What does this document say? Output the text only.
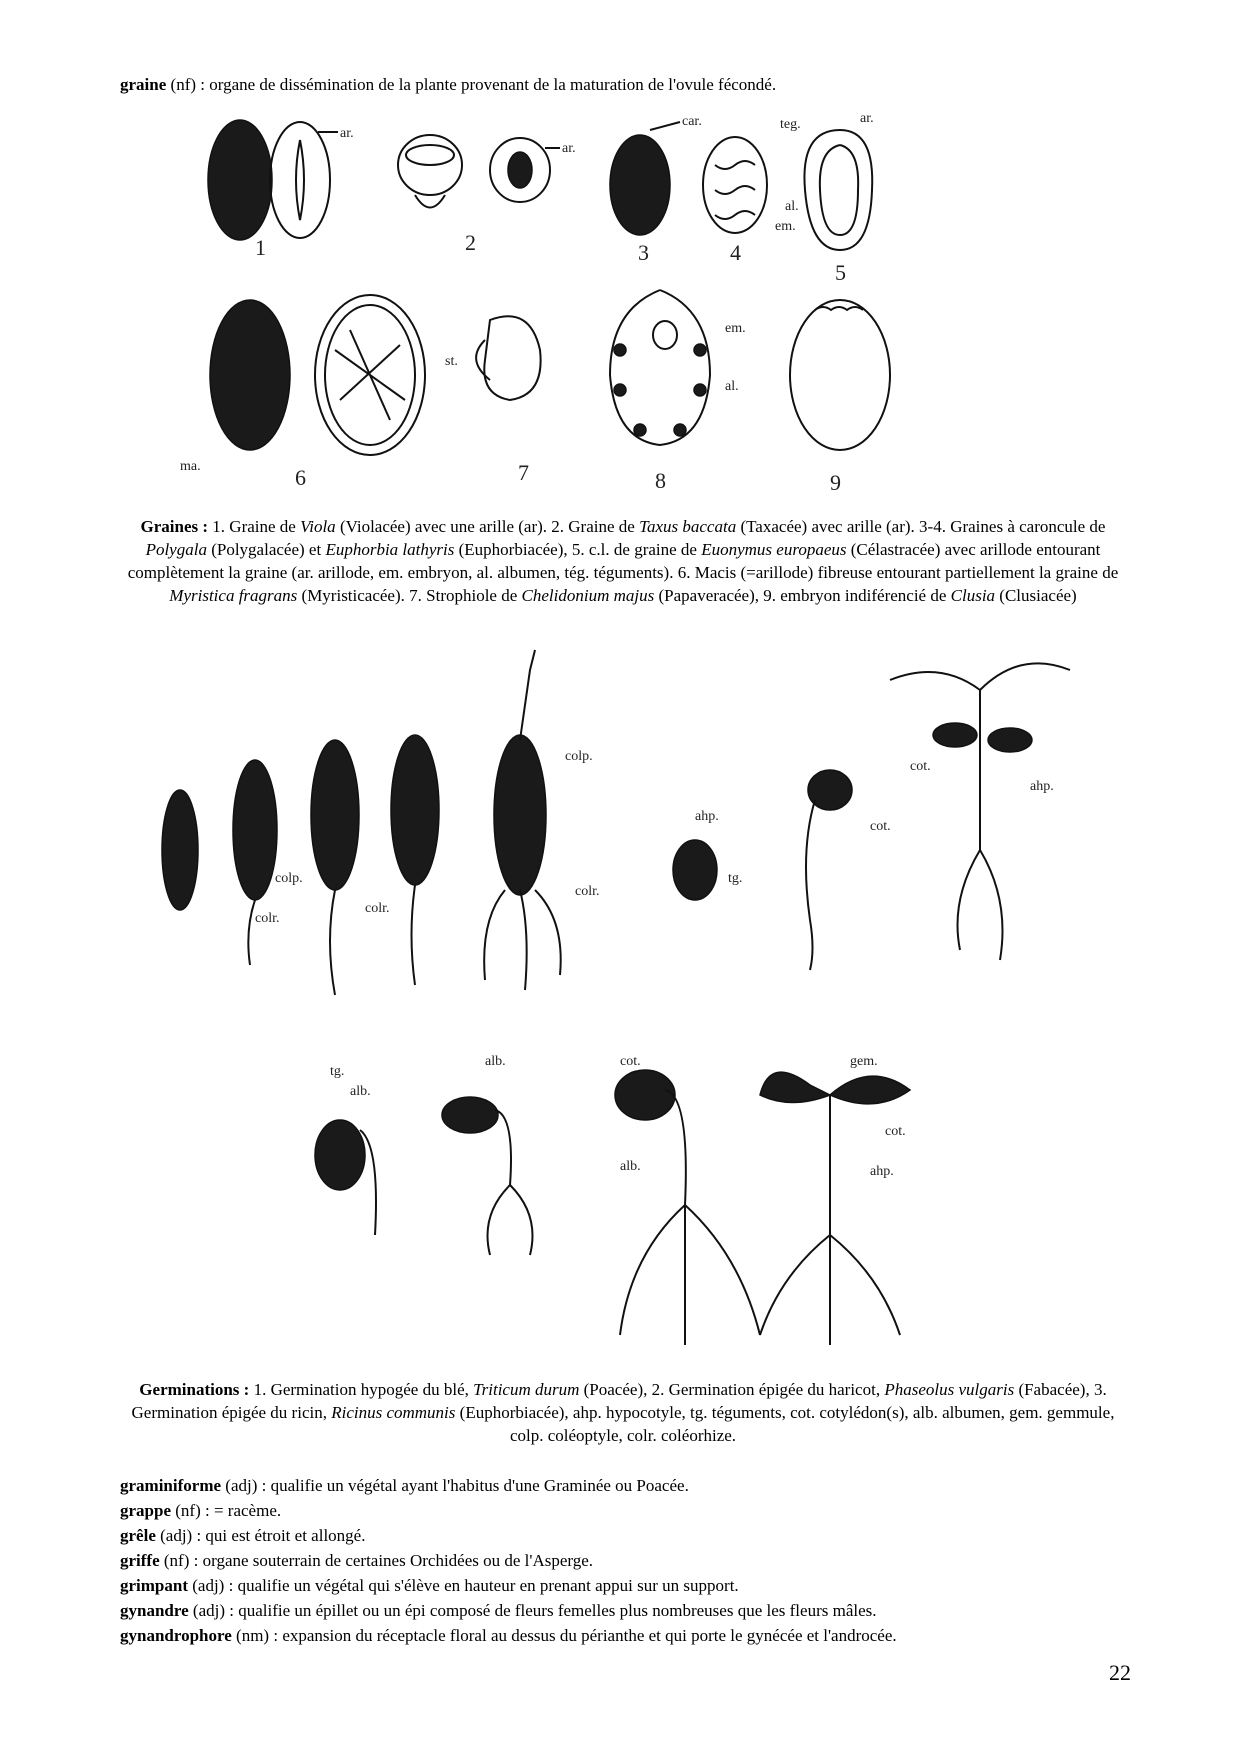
graine (nf) : organe de dissémination de la plante provenant de la maturation de l'ovule fécondé.
ar.
1
ar.
2
car.
3	4
teg.	ar.
al.
em.
5
ma.	6
st.
7
em.
al.
8	9
Graines : 1. Graine de Viola (Violacée) avec une arille (ar). 2. Graine de Taxus baccata (Taxacée) avec arille (ar). 3-4. Graines à caroncule de Polygala (Polygalacée) et Euphorbia lathyris (Euphorbiacée), 5. c.l. de graine de Euonymus europaeus (Célastracée) avec arillode entourant complètement la graine (ar. arillode, em. embryon, al. albumen, tég. téguments). 6. Macis (=arillode) fibreuse entourant partiellement la graine de Myristica fragrans (Myristicacée). 7. Strophiole de Chelidonium majus (Papaveracée), 9. embryon indiférencié de Clusia (Clusiacée)
colp.
colr.
colr.
colp.
colr.
tg.
ahp.
cot.
cot.
ahp.
tg.
alb.
alb.	cot.
alb.
gem.
cot.
ahp.
Germinations : 1. Germination hypogée du blé, Triticum durum (Poacée), 2. Germination épigée du haricot, Phaseolus vulgaris (Fabacée), 3. Germination épigée du ricin, Ricinus communis (Euphorbiacée), ahp. hypocotyle, tg. téguments, cot. cotylédon(s), alb. albumen, gem. gemmule, colp. coléoptyle, colr. coléorhize.
graminiforme (adj) : qualifie un végétal ayant l'habitus d'une Graminée ou Poacée.
grappe (nf) : = racème.
grêle (adj) : qui est étroit et allongé.
griffe (nf) : organe souterrain de certaines Orchidées ou de l'Asperge.
grimpant (adj) : qualifie un végétal qui s'élève en hauteur en prenant appui sur un support.
gynandre (adj) : qualifie un épillet ou un épi composé de fleurs femelles plus nombreuses que les fleurs mâles.
gynandrophore (nm) : expansion du réceptacle floral au dessus du périanthe et qui porte le gynécée et l'androcée.
22
